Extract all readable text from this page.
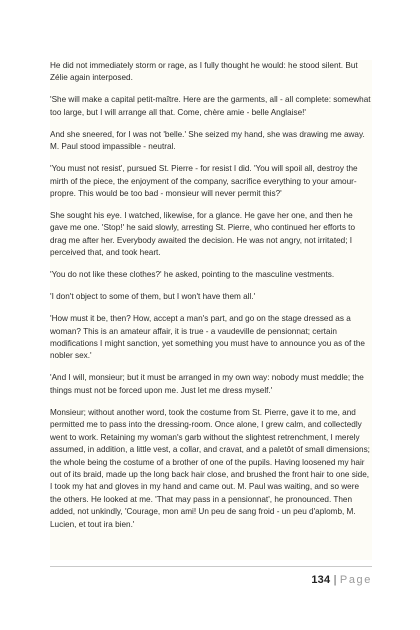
He did not immediately storm or rage, as I fully thought he would: he stood silent. But Zélie again interposed.

'She will make a capital petit-maître. Here are the garments, all - all complete: somewhat too large, but I will arrange all that. Come, chère amie - belle Anglaise!'

And she sneered, for I was not 'belle.' She seized my hand, she was drawing me away. M. Paul stood impassible - neutral.

'You must not resist', pursued St. Pierre - for resist I did. 'You will spoil all, destroy the mirth of the piece, the enjoyment of the company, sacrifice everything to your amour-propre. This would be too bad - monsieur will never permit this?'

She sought his eye. I watched, likewise, for a glance. He gave her one, and then he gave me one. 'Stop!' he said slowly, arresting St. Pierre, who continued her efforts to drag me after her. Everybody awaited the decision. He was not angry, not irritated; I perceived that, and took heart.

'You do not like these clothes?' he asked, pointing to the masculine vestments.

'I don't object to some of them, but I won't have them all.'

'How must it be, then? How, accept a man's part, and go on the stage dressed as a woman? This is an amateur affair, it is true - a vaudeville de pensionnat; certain modifications I might sanction, yet something you must have to announce you as of the nobler sex.'

'And I will, monsieur; but it must be arranged in my own way: nobody must meddle; the things must not be forced upon me. Just let me dress myself.'

Monsieur; without another word, took the costume from St. Pierre, gave it to me, and permitted me to pass into the dressing-room. Once alone, I grew calm, and collectedly went to work. Retaining my woman's garb without the slightest retrenchment, I merely assumed, in addition, a little vest, a collar, and cravat, and a paletôt of small dimensions; the whole being the costume of a brother of one of the pupils. Having loosened my hair out of its braid, made up the long back hair close, and brushed the front hair to one side, I took my hat and gloves in my hand and came out. M. Paul was waiting, and so were the others. He looked at me. 'That may pass in a pensionnat', he pronounced. Then added, not unkindly, 'Courage, mon ami! Un peu de sang froid - un peu d'aplomb, M. Lucien, et tout ira bien.'

134 | Page
